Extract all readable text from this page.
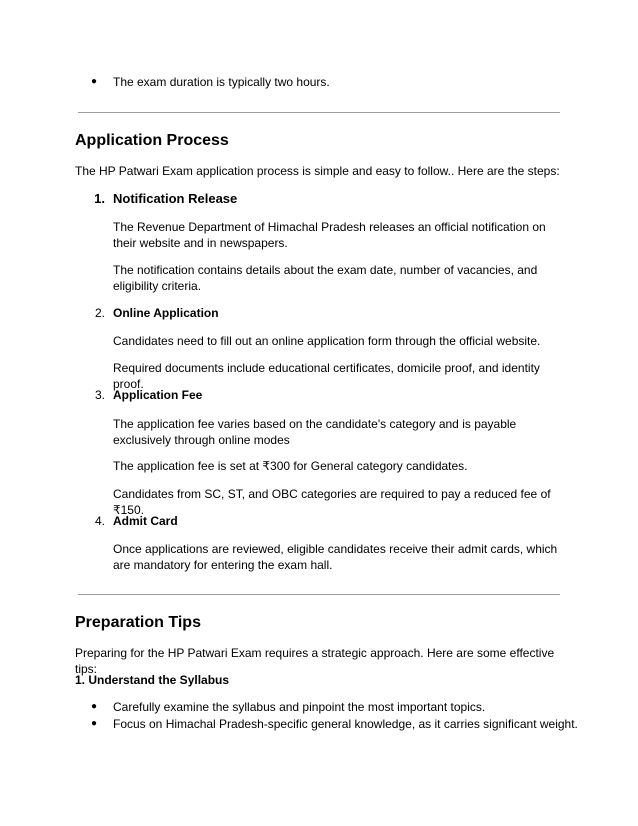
● The exam duration is typically two hours.

Application Process

The HP Patwari Exam application process is simple and easy to follow.. Here are the steps:

1. Notification Release

The Revenue Department of Himachal Pradesh releases an official notification on their website and in newspapers.

The notification contains details about the exam date, number of vacancies, and eligibility criteria.

2. Online Application

Candidates need to fill out an online application form through the official website.

Required documents include educational certificates, domicile proof, and identity proof.

3. Application Fee

The application fee varies based on the candidate's category and is payable exclusively through online modes

The application fee is set at ₹300 for General category candidates.

Candidates from SC, ST, and OBC categories are required to pay a reduced fee of ₹150.

4. Admit Card

Once applications are reviewed, eligible candidates receive their admit cards, which are mandatory for entering the exam hall.

Preparation Tips

Preparing for the HP Patwari Exam requires a strategic approach. Here are some effective tips:

1. Understand the Syllabus
● Carefully examine the syllabus and pinpoint the most important topics.

● Focus on Himachal Pradesh-specific general knowledge, as it carries significant weight.
